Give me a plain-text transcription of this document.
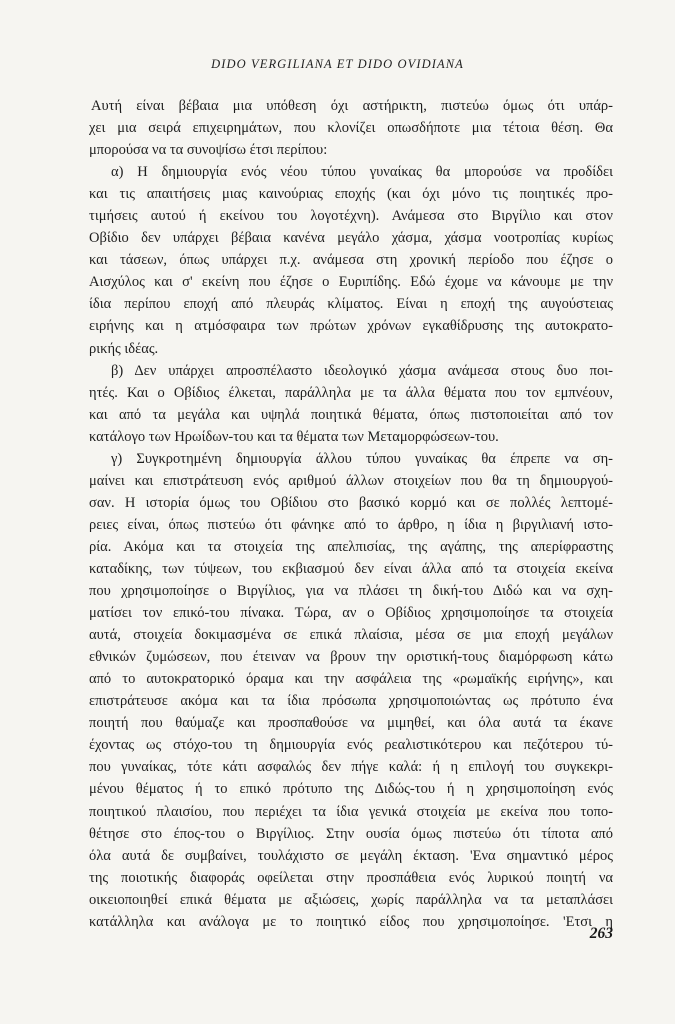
DIDO VERGILIANA ET DIDO OVIDIANA
Αυτή είναι βέβαια μια υπόθεση όχι αστήρικτη, πιστεύω όμως ότι υπάρ-
χει μια σειρά επιχειρημάτων, που κλονίζει οπωσδήποτε μια τέτοια θέση. Θα
μπορούσα να τα συνοψίσω έτσι περίπου:
α) Η δημιουργία ενός νέου τύπου γυναίκας θα μπορούσε να προδίδει
και τις απαιτήσεις μιας καινούριας εποχής (και όχι μόνο τις ποιητικές προ-
τιμήσεις αυτού ή εκείνου του λογοτέχνη). Ανάμεσα στο Βιργίλιο και στον
Οβίδιο δεν υπάρχει βέβαια κανένα μεγάλο χάσμα, χάσμα νοοτροπίας κυρίως
και τάσεων, όπως υπάρχει π.χ. ανάμεσα στη χρονική περίοδο που έζησε ο
Αισχύλος και σ' εκείνη που έζησε ο Ευριπίδης. Εδώ έχομε να κάνουμε με την
ίδια περίπου εποχή από πλευράς κλίματος. Είναι η εποχή της αυγούστειας
ειρήνης και η ατμόσφαιρα των πρώτων χρόνων εγκαθίδρυσης της αυτοκρατο-
ρικής ιδέας.
β) Δεν υπάρχει απροσπέλαστο ιδεολογικό χάσμα ανάμεσα στους δυο ποι-
ητές. Και ο Οβίδιος έλκεται, παράλληλα με τα άλλα θέματα που τον εμπνέουν,
και από τα μεγάλα και υψηλά ποιητικά θέματα, όπως πιστοποιείται από τον
κατάλογο των Ηρωίδων-του και τα θέματα των Μεταμορφώσεων-του.
γ) Συγκροτημένη δημιουργία άλλου τύπου γυναίκας θα έπρεπε να ση-
μαίνει και επιστράτευση ενός αριθμού άλλων στοιχείων που θα τη δημιουργού-
σαν. Η ιστορία όμως του Οβίδιου στο βασικό κορμό και σε πολλές λεπτομέ-
ρειες είναι, όπως πιστεύω ότι φάνηκε από το άρθρο, η ίδια η βιργιλιανή ιστο-
ρία. Ακόμα και τα στοιχεία της απελπισίας, της αγάπης, της απερίφραστης
καταδίκης, των τύψεων, του εκβιασμού δεν είναι άλλα από τα στοιχεία εκείνα
που χρησιμοποίησε ο Βιργίλιος, για να πλάσει τη δική-του Διδώ και να σχη-
ματίσει τον επικό-του πίνακα. Τώρα, αν ο Οβίδιος χρησιμοποίησε τα στοιχεία
αυτά, στοιχεία δοκιμασμένα σε επικά πλαίσια, μέσα σε μια εποχή μεγάλων
εθνικών ζυμώσεων, που έτειναν να βρουν την οριστική-τους διαμόρφωση κάτω
από το αυτοκρατορικό όραμα και την ασφάλεια της «ρωμαϊκής ειρήνης», και
επιστράτευσε ακόμα και τα ίδια πρόσωπα χρησιμοποιώντας ως πρότυπο ένα
ποιητή που θαύμαζε και προσπαθούσε να μιμηθεί, και όλα αυτά τα έκανε
έχοντας ως στόχο-του τη δημιουργία ενός ρεαλιστικότερου και πεζότερου τύ-
που γυναίκας, τότε κάτι ασφαλώς δεν πήγε καλά: ή η επιλογή του συγκεκρι-
μένου θέματος ή το επικό πρότυπο της Διδώς-του ή η χρησιμοποίηση ενός
ποιητικού πλαισίου, που περιέχει τα ίδια γενικά στοιχεία με εκείνα που τοπο-
θέτησε στο έπος-του ο Βιργίλιος. Στην ουσία όμως πιστεύω ότι τίποτα από
όλα αυτά δε συμβαίνει, τουλάχιστο σε μεγάλη έκταση. 'Ενα σημαντικό μέρος
της ποιοτικής διαφοράς οφείλεται στην προσπάθεια ενός λυρικού ποιητή να
οικειοποιηθεί επικά θέματα με αξιώσεις, χωρίς παράλληλα να τα μεταπλάσει
κατάλληλα και ανάλογα με το ποιητικό είδος που χρησιμοποίησε. 'Ετσι η
263
